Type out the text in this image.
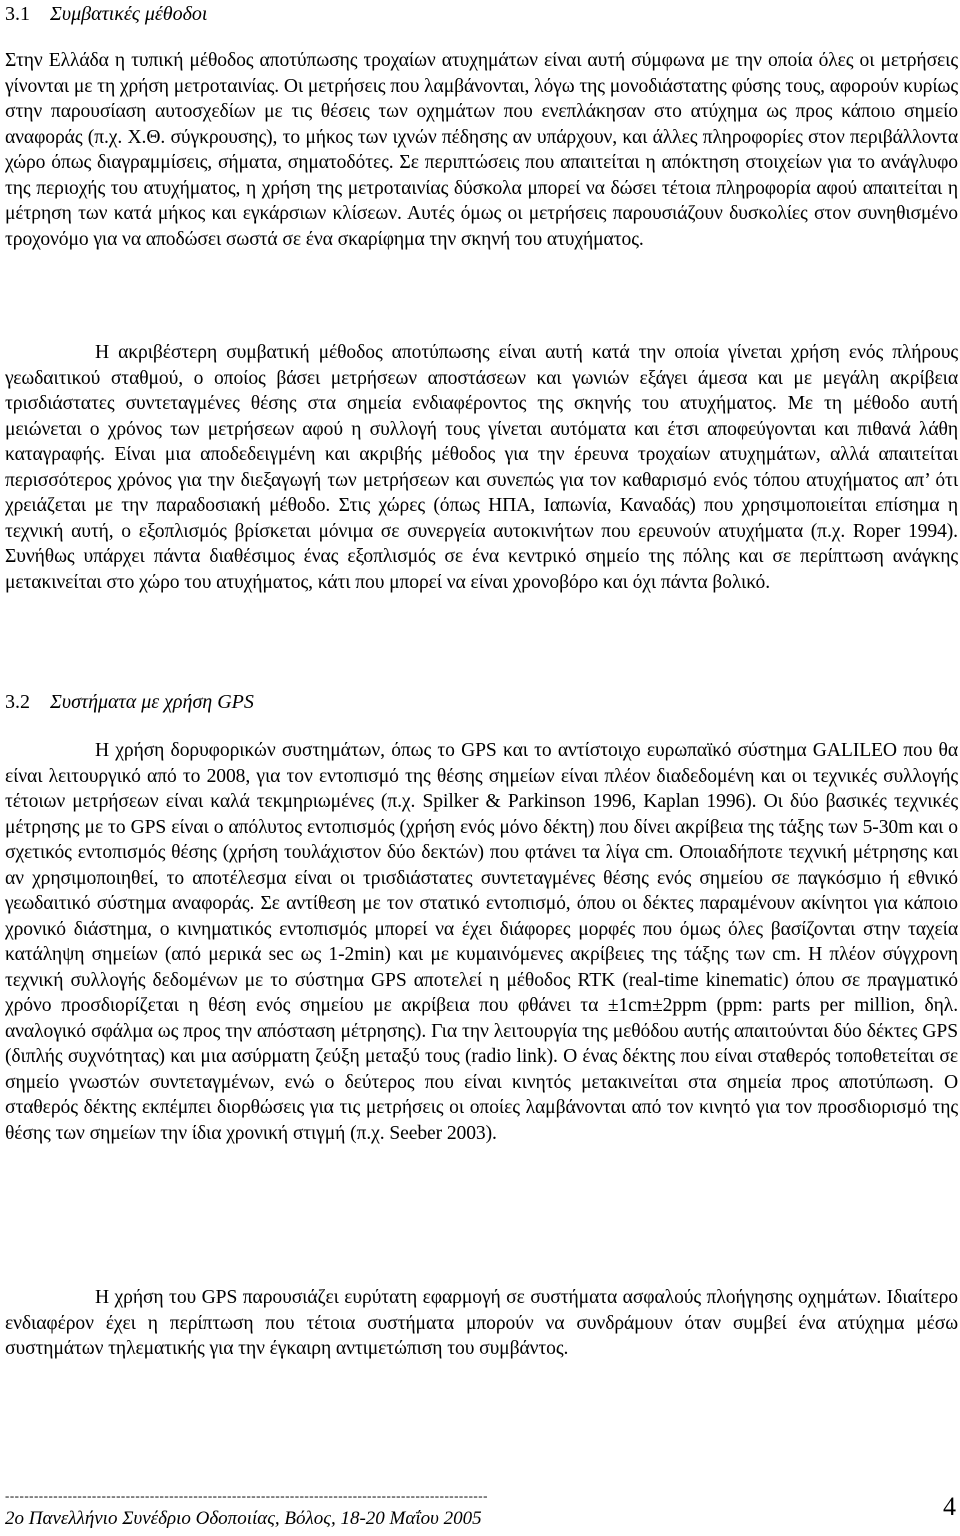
3.1 Συμβατικές μέθοδοι

Στην Ελλάδα η τυπική μέθοδος αποτύπωσης τροχαίων ατυχημάτων είναι αυτή σύμφωνα με την οποία όλες οι μετρήσεις γίνονται με τη χρήση μετροταινίας. Οι μετρήσεις που λαμβάνονται, λόγω της μονοδιάστατης φύσης τους, αφορούν κυρίως στην παρουσίαση αυτοσχεδίων με τις θέσεις των οχημάτων που ενεπλάκησαν στο ατύχημα ως προς κάποιο σημείο αναφοράς (π.χ. Χ.Θ. σύγκρουσης), το μήκος των ιχνών πέδησης αν υπάρχουν, και άλλες πληροφορίες στον περιβάλλοντα χώρο όπως διαγραμμίσεις, σήματα, σηματοδότες. Σε περιπτώσεις που απαιτείται η απόκτηση στοιχείων για το ανάγλυφο της περιοχής του ατυχήματος, η χρήση της μετροταινίας δύσκολα μπορεί να δώσει τέτοια πληροφορία αφού απαιτείται η μέτρηση των κατά μήκος και εγκάρσιων κλίσεων. Αυτές όμως οι μετρήσεις παρουσιάζουν δυσκολίες στον συνηθισμένο τροχονόμο για να αποδώσει σωστά σε ένα σκαρίφημα την σκηνή του ατυχήματος.

Η ακριβέστερη συμβατική μέθοδος αποτύπωσης είναι αυτή κατά την οποία γίνεται χρήση ενός πλήρους γεωδαιτικού σταθμού, ο οποίος βάσει μετρήσεων αποστάσεων και γωνιών εξάγει άμεσα και με μεγάλη ακρίβεια τρισδιάστατες συντεταγμένες θέσης στα σημεία ενδιαφέροντος της σκηνής του ατυχήματος. Με τη μέθοδο αυτή μειώνεται ο χρόνος των μετρήσεων αφού η συλλογή τους γίνεται αυτόματα και έτσι αποφεύγονται και πιθανά λάθη καταγραφής. Είναι μια αποδεδειγμένη και ακριβής μέθοδος για την έρευνα τροχαίων ατυχημάτων, αλλά απαιτείται περισσότερος χρόνος για την διεξαγωγή των μετρήσεων και συνεπώς για τον καθαρισμό ενός τόπου ατυχήματος απ’ ότι χρειάζεται με την παραδοσιακή μέθοδο. Στις χώρες (όπως ΗΠΑ, Ιαπωνία, Καναδάς) που χρησιμοποιείται επίσημα η τεχνική αυτή, ο εξοπλισμός βρίσκεται μόνιμα σε συνεργεία αυτοκινήτων που ερευνούν ατυχήματα (π.χ. Roper 1994). Συνήθως υπάρχει πάντα διαθέσιμος ένας εξοπλισμός σε ένα κεντρικό σημείο της πόλης και σε περίπτωση ανάγκης μετακινείται στο χώρο του ατυχήματος, κάτι που μπορεί να είναι χρονοβόρο και όχι πάντα βολικό.

3.2 Συστήματα με χρήση GPS

Η χρήση δορυφορικών συστημάτων, όπως το GPS και το αντίστοιχο ευρωπαϊκό σύστημα GALILEO που θα είναι λειτουργικό από το 2008, για τον εντοπισμό της θέσης σημείων είναι πλέον διαδεδομένη και οι τεχνικές συλλογής τέτοιων μετρήσεων είναι καλά τεκμηριωμένες (π.χ. Spilker & Parkinson 1996, Kaplan 1996). Οι δύο βασικές τεχνικές μέτρησης με το GPS είναι ο απόλυτος εντοπισμός (χρήση ενός μόνο δέκτη) που δίνει ακρίβεια της τάξης των 5-30m και ο σχετικός εντοπισμός θέσης (χρήση τουλάχιστον δύο δεκτών) που φτάνει τα λίγα cm. Οποιαδήποτε τεχνική μέτρησης και αν χρησιμοποιηθεί, το αποτέλεσμα είναι οι τρισδιάστατες συντεταγμένες θέσης ενός σημείου σε παγκόσμιο ή εθνικό γεωδαιτικό σύστημα αναφοράς. Σε αντίθεση με τον στατικό εντοπισμό, όπου οι δέκτες παραμένουν ακίνητοι για κάποιο χρονικό διάστημα, ο κινηματικός εντοπισμός μπορεί να έχει διάφορες μορφές που όμως όλες βασίζονται στην ταχεία κατάληψη σημείων (από μερικά sec ως 1-2min) και με κυμαινόμενες ακρίβειες της τάξης των cm. Η πλέον σύγχρονη τεχνική συλλογής δεδομένων με το σύστημα GPS αποτελεί η μέθοδος RTK (real-time kinematic) όπου σε πραγματικό χρόνο προσδιορίζεται η θέση ενός σημείου με ακρίβεια που φθάνει τα ±1cm±2ppm (ppm: parts per million, δηλ. αναλογικό σφάλμα ως προς την απόσταση μέτρησης). Για την λειτουργία της μεθόδου αυτής απαιτούνται δύο δέκτες GPS (διπλής συχνότητας) και μια ασύρματη ζεύξη μεταξύ τους (radio link). Ο ένας δέκτης που είναι σταθερός τοποθετείται σε σημείο γνωστών συντεταγμένων, ενώ ο δεύτερος που είναι κινητός μετακινείται στα σημεία προς αποτύπωση. Ο σταθερός δέκτης εκπέμπει διορθώσεις για τις μετρήσεις οι οποίες λαμβάνονται από τον κινητό για τον προσδιορισμό της θέσης των σημείων την ίδια χρονική στιγμή (π.χ. Seeber 2003).

Η χρήση του GPS παρουσιάζει ευρύτατη εφαρμογή σε συστήματα ασφαλούς πλοήγησης οχημάτων. Ιδιαίτερο ενδιαφέρον έχει η περίπτωση που τέτοια συστήματα μπορούν να συνδράμουν όταν συμβεί ένα ατύχημα μέσω συστημάτων τηλεματικής για την έγκαιρη αντιμετώπιση του συμβάντος.

----------------------------------------------------------------------------------------------------
2ο Πανελλήνιο Συνέδριο Οδοποιίας, Βόλος, 18-20 Μαΐου 2005	4
